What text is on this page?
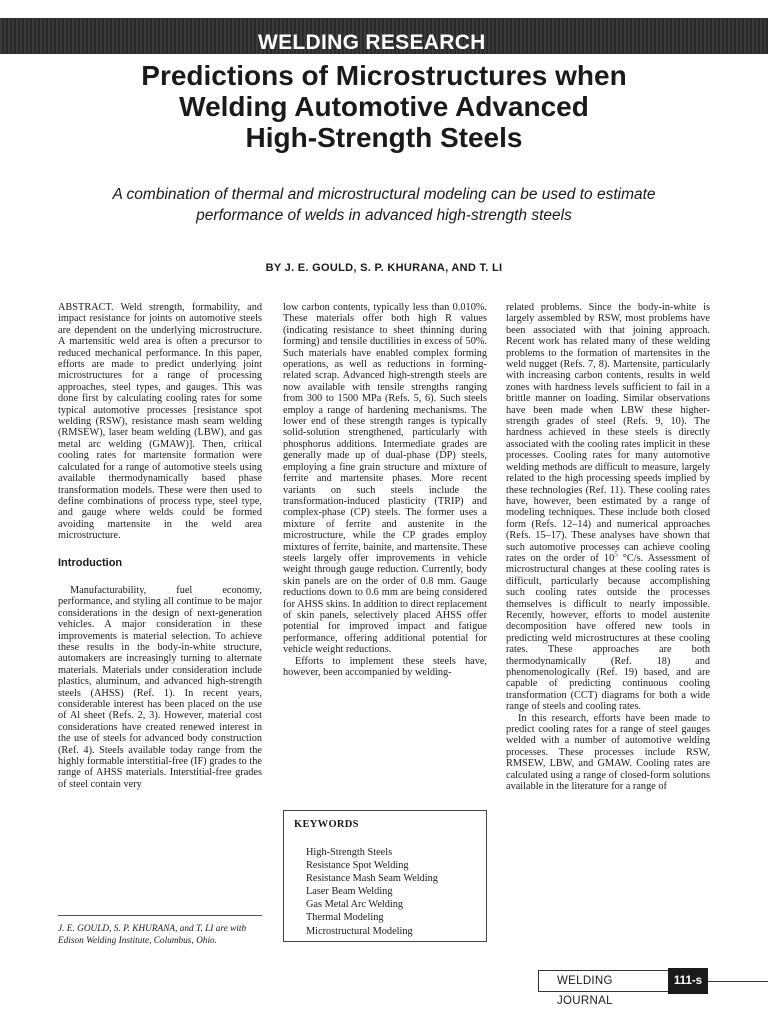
WELDING RESEARCH
Predictions of Microstructures when
Welding Automotive Advanced
High-Strength Steels
A combination of thermal and microstructural modeling can be used to estimate
performance of welds in advanced high-strength steels
BY J. E. GOULD, S. P. KHURANA, AND T. LI

ABSTRACT. Weld strength, formability, and impact resistance for joints on automotive steels are dependent on the underlying microstructure. A martensitic weld area is often a precursor to reduced mechanical performance. In this paper, efforts are made to predict underlying joint microstructures for a range of processing approaches, steel types, and gauges. This was done first by calculating cooling rates for some typical automotive processes [resistance spot welding (RSW), resistance mash seam welding (RMSEW), laser beam welding (LBW), and gas metal arc welding (GMAW)]. Then, critical cooling rates for martensite formation were calculated for a range of automotive steels using available thermodynamically based phase transformation models. These were then used to define combinations of process type, steel type, and gauge where welds could be formed avoiding martensite in the weld area microstructure.

Introduction

Manufacturability, fuel economy, performance, and styling all continue to be major considerations in the design of next-generation vehicles. A major consideration in these improvements is material selection. To achieve these results in the body-in-white structure, automakers are increasingly turning to alternate materials. Materials under consideration include plastics, aluminum, and advanced high-strength steels (AHSS) (Ref. 1). In recent years, considerable interest has been placed on the use of Al sheet (Refs. 2, 3). However, material cost considerations have created renewed interest in the use of steels for advanced body construction (Ref. 4). Steels available today range from the highly formable interstitial-free (IF) grades to the range of AHSS materials. Interstitial-free grades of steel contain very

low carbon contents, typically less than 0.010%. These materials offer both high R values (indicating resistance to sheet thinning during forming) and tensile ductilities in excess of 50%. Such materials have enabled complex forming operations, as well as reductions in forming-related scrap. Advanced high-strength steels are now available with tensile strengths ranging from 300 to 1500 MPa (Refs. 5, 6). Such steels employ a range of hardening mechanisms. The lower end of these strength ranges is typically solid-solution strengthened, particularly with phosphorus additions. Intermediate grades are generally made up of dual-phase (DP) steels, employing a fine grain structure and mixture of ferrite and martensite phases. More recent variants on such steels include the transformation-induced plasticity (TRIP) and complex-phase (CP) steels. The former uses a mixture of ferrite and austenite in the microstructure, while the CP grades employ mixtures of ferrite, bainite, and martensite. These steels largely offer improvements in vehicle weight through gauge reduction. Currently, body skin panels are on the order of 0.8 mm. Gauge reductions down to 0.6 mm are being considered for AHSS skins. In addition to direct replacement of skin panels, selectively placed AHSS offer potential for improved impact and fatigue performance, offering additional potential for vehicle weight reductions.

Efforts to implement these steels have, however, been accompanied by welding-

related problems. Since the body-in-white is largely assembled by RSW, most problems have been associated with that joining approach. Recent work has related many of these welding problems to the formation of martensites in the weld nugget (Refs. 7, 8). Martensite, particularly with increasing carbon contents, results in weld zones with hardness levels sufficient to fail in a brittle manner on loading. Similar observations have been made when LBW these higher-strength grades of steel (Refs. 9, 10). The hardness achieved in these steels is directly associated with the cooling rates implicit in these processes. Cooling rates for many automotive welding methods are difficult to measure, largely related to the high processing speeds implied by these technologies (Ref. 11). These cooling rates have, however, been estimated by a range of modeling techniques. These include both closed form (Refs. 12–14) and numerical approaches (Refs. 15–17). These analyses have shown that such automotive processes can achieve cooling rates on the order of $10^5$ °C/s. Assessment of microstructural changes at these cooling rates is difficult, particularly because accomplishing such cooling rates outside the processes themselves is difficult to nearly impossible. Recently, however, efforts to model austenite decomposition have offered new tools in predicting weld microstructures at these cooling rates. These approaches are both thermodynamically (Ref. 18) and phenomenologically (Ref. 19) based, and are capable of predicting continuous cooling transformation (CCT) diagrams for both a wide range of steels and cooling rates.

In this research, efforts have been made to predict cooling rates for a range of steel gauges welded with a number of automotive welding processes. These processes include RSW, RMSEW, LBW, and GMAW. Cooling rates are calculated using a range of closed-form solutions available in the literature for a range of

J. E. GOULD, S. P. KHURANA, and T. LI are with Edison Welding Institute, Columbus, Ohio.
KEYWORDS
High-Strength Steels
Resistance Spot Welding
Resistance Mash Seam Welding
Laser Beam Welding
Gas Metal Arc Welding
Thermal Modeling
Microstructural Modeling
WELDING JOURNAL
111-s
